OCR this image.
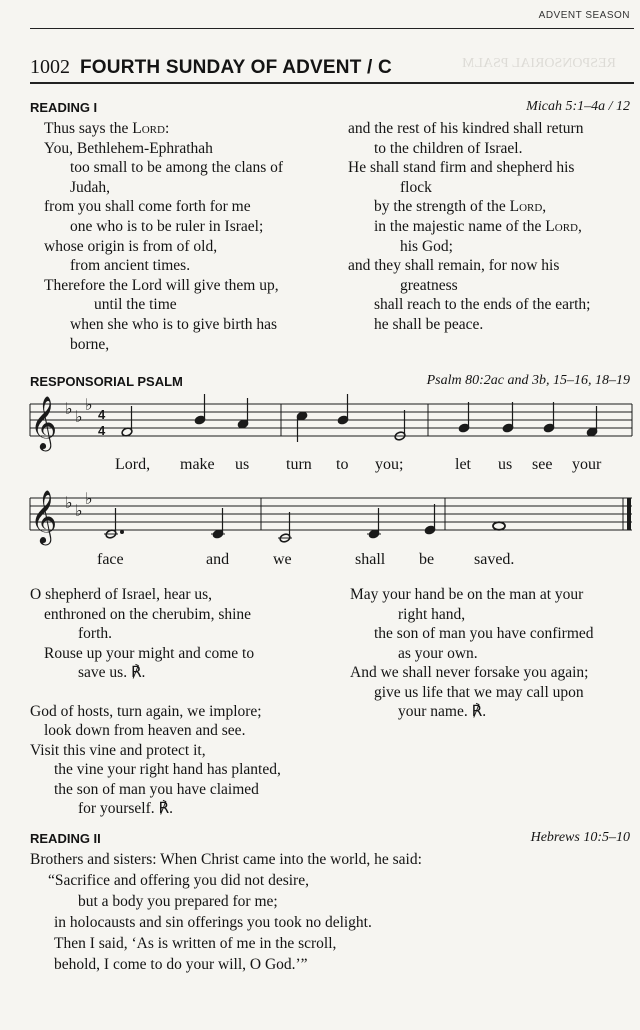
RESPONSORIAL PSALM
ADVENT SEASON
1002 FOURTH SUNDAY OF ADVENT / C
READING I	Micah 5:1–4a / 12
Thus says the Lord:
You, Bethlehem-Ephrathah
too small to be among the clans of
Judah,
from you shall come forth for me
one who is to be ruler in Israel;
whose origin is from of old,
from ancient times.
Therefore the Lord will give them up,
until the time
when she who is to give birth has
borne,
and the rest of his kindred shall return
to the children of Israel.
He shall stand firm and shepherd his
flock
by the strength of the Lord,
in the majestic name of the Lord,
his God;
and they shall remain, for now his
greatness
shall reach to the ends of the earth;
he shall be peace.
RESPONSORIAL PSALM	Psalm 80:2ac and 3b, 15–16, 18–19
𝄞 ♭ ♭
♭
4
4
Lord, make us turn to you;	let us see your
𝄞 ♭ ♭
♭
face	and	we	shall be saved.
O shepherd of Israel, hear us,
enthroned on the cherubim, shine
forth.
Rouse up your might and come to
save us. ℟.
God of hosts, turn again, we implore;
look down from heaven and see.
Visit this vine and protect it,
the vine your right hand has planted,
the son of man you have claimed
for yourself. ℟.
May your hand be on the man at your
right hand,
the son of man you have confirmed
as your own.
And we shall never forsake you again;
give us life that we may call upon
your name. ℟.
READING II	Hebrews 10:5–10
Brothers and sisters: When Christ came into the world, he said:
“Sacrifice and offering you did not desire,
but a body you prepared for me;
in holocausts and sin offerings you took no delight.
Then I said, ‘As is written of me in the scroll,
behold, I come to do your will, O God.’”
